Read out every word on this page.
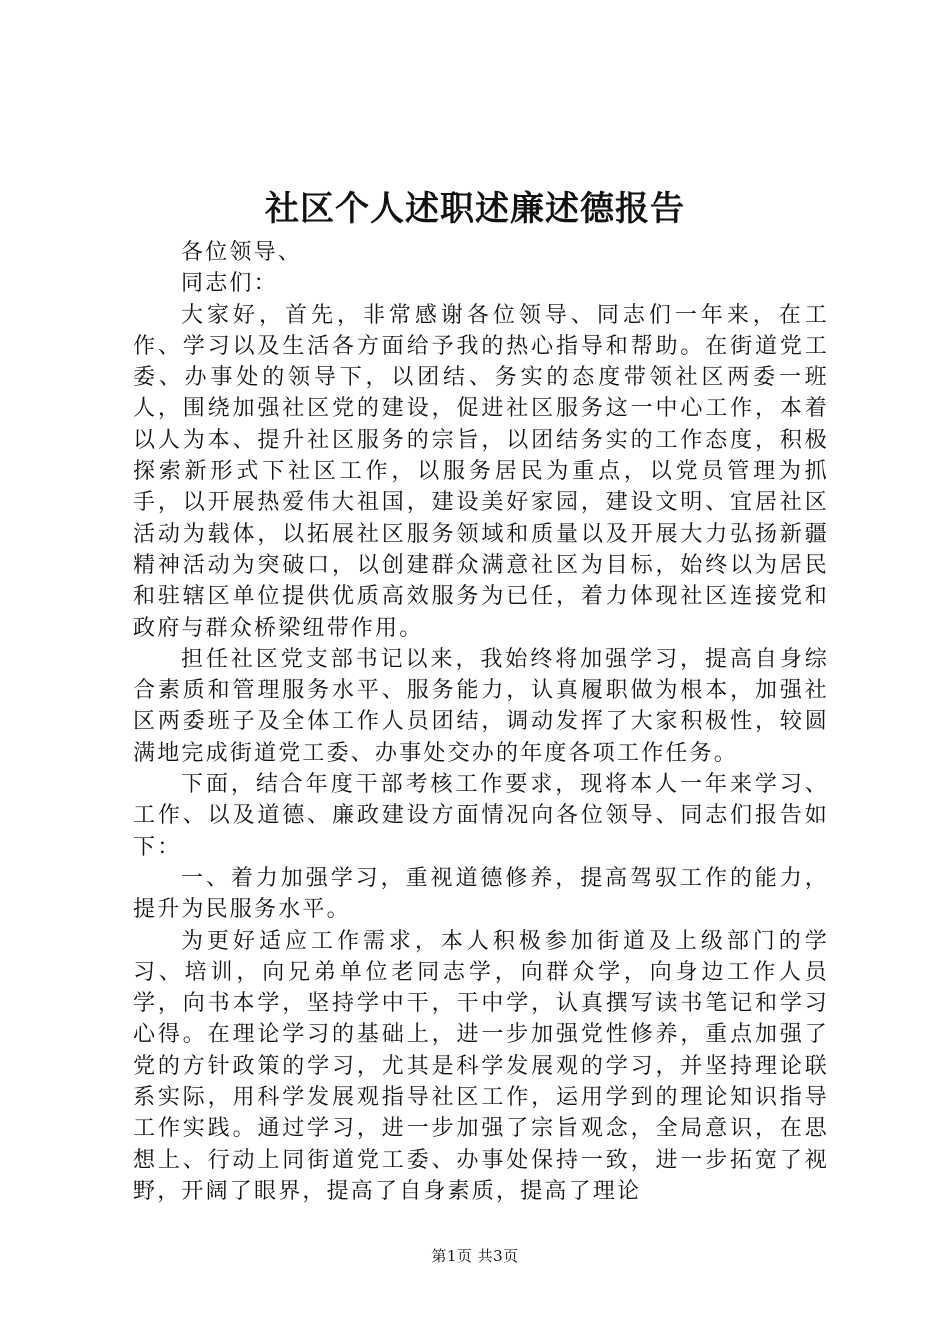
社区个人述职述廉述德报告

各位领导、

同志们：

大家好，首先，非常感谢各位领导、同志们一年来，在工作、学习以及生活各方面给予我的热心指导和帮助。在街道党工委、办事处的领导下，以团结、务实的态度带领社区两委一班人，围绕加强社区党的建设，促进社区服务这一中心工作，本着以人为本、提升社区服务的宗旨，以团结务实的工作态度，积极探索新形式下社区工作，以服务居民为重点，以党员管理为抓手，以开展热爱伟大祖国，建设美好家园，建设文明、宜居社区活动为载体，以拓展社区服务领域和质量以及开展大力弘扬新疆精神活动为突破口，以创建群众满意社区为目标，始终以为居民和驻辖区单位提供优质高效服务为已任，着力体现社区连接党和政府与群众桥梁纽带作用。

担任社区党支部书记以来，我始终将加强学习，提高自身综合素质和管理服务水平、服务能力，认真履职做为根本，加强社区两委班子及全体工作人员团结，调动发挥了大家积极性，较圆满地完成街道党工委、办事处交办的年度各项工作任务。

下面，结合年度干部考核工作要求，现将本人一年来学习、工作、以及道德、廉政建设方面情况向各位领导、同志们报告如下：

一、着力加强学习，重视道德修养，提高驾驭工作的能力，提升为民服务水平。

为更好适应工作需求，本人积极参加街道及上级部门的学习、培训，向兄弟单位老同志学，向群众学，向身边工作人员学，向书本学，坚持学中干，干中学，认真撰写读书笔记和学习心得。在理论学习的基础上，进一步加强党性修养，重点加强了党的方针政策的学习，尤其是科学发展观的学习，并坚持理论联系实际，用科学发展观指导社区工作，运用学到的理论知识指导工作实践。通过学习，进一步加强了宗旨观念，全局意识，在思想上、行动上同街道党工委、办事处保持一致，进一步拓宽了视野，开阔了眼界，提高了自身素质，提高了理论

第1页 共3页
